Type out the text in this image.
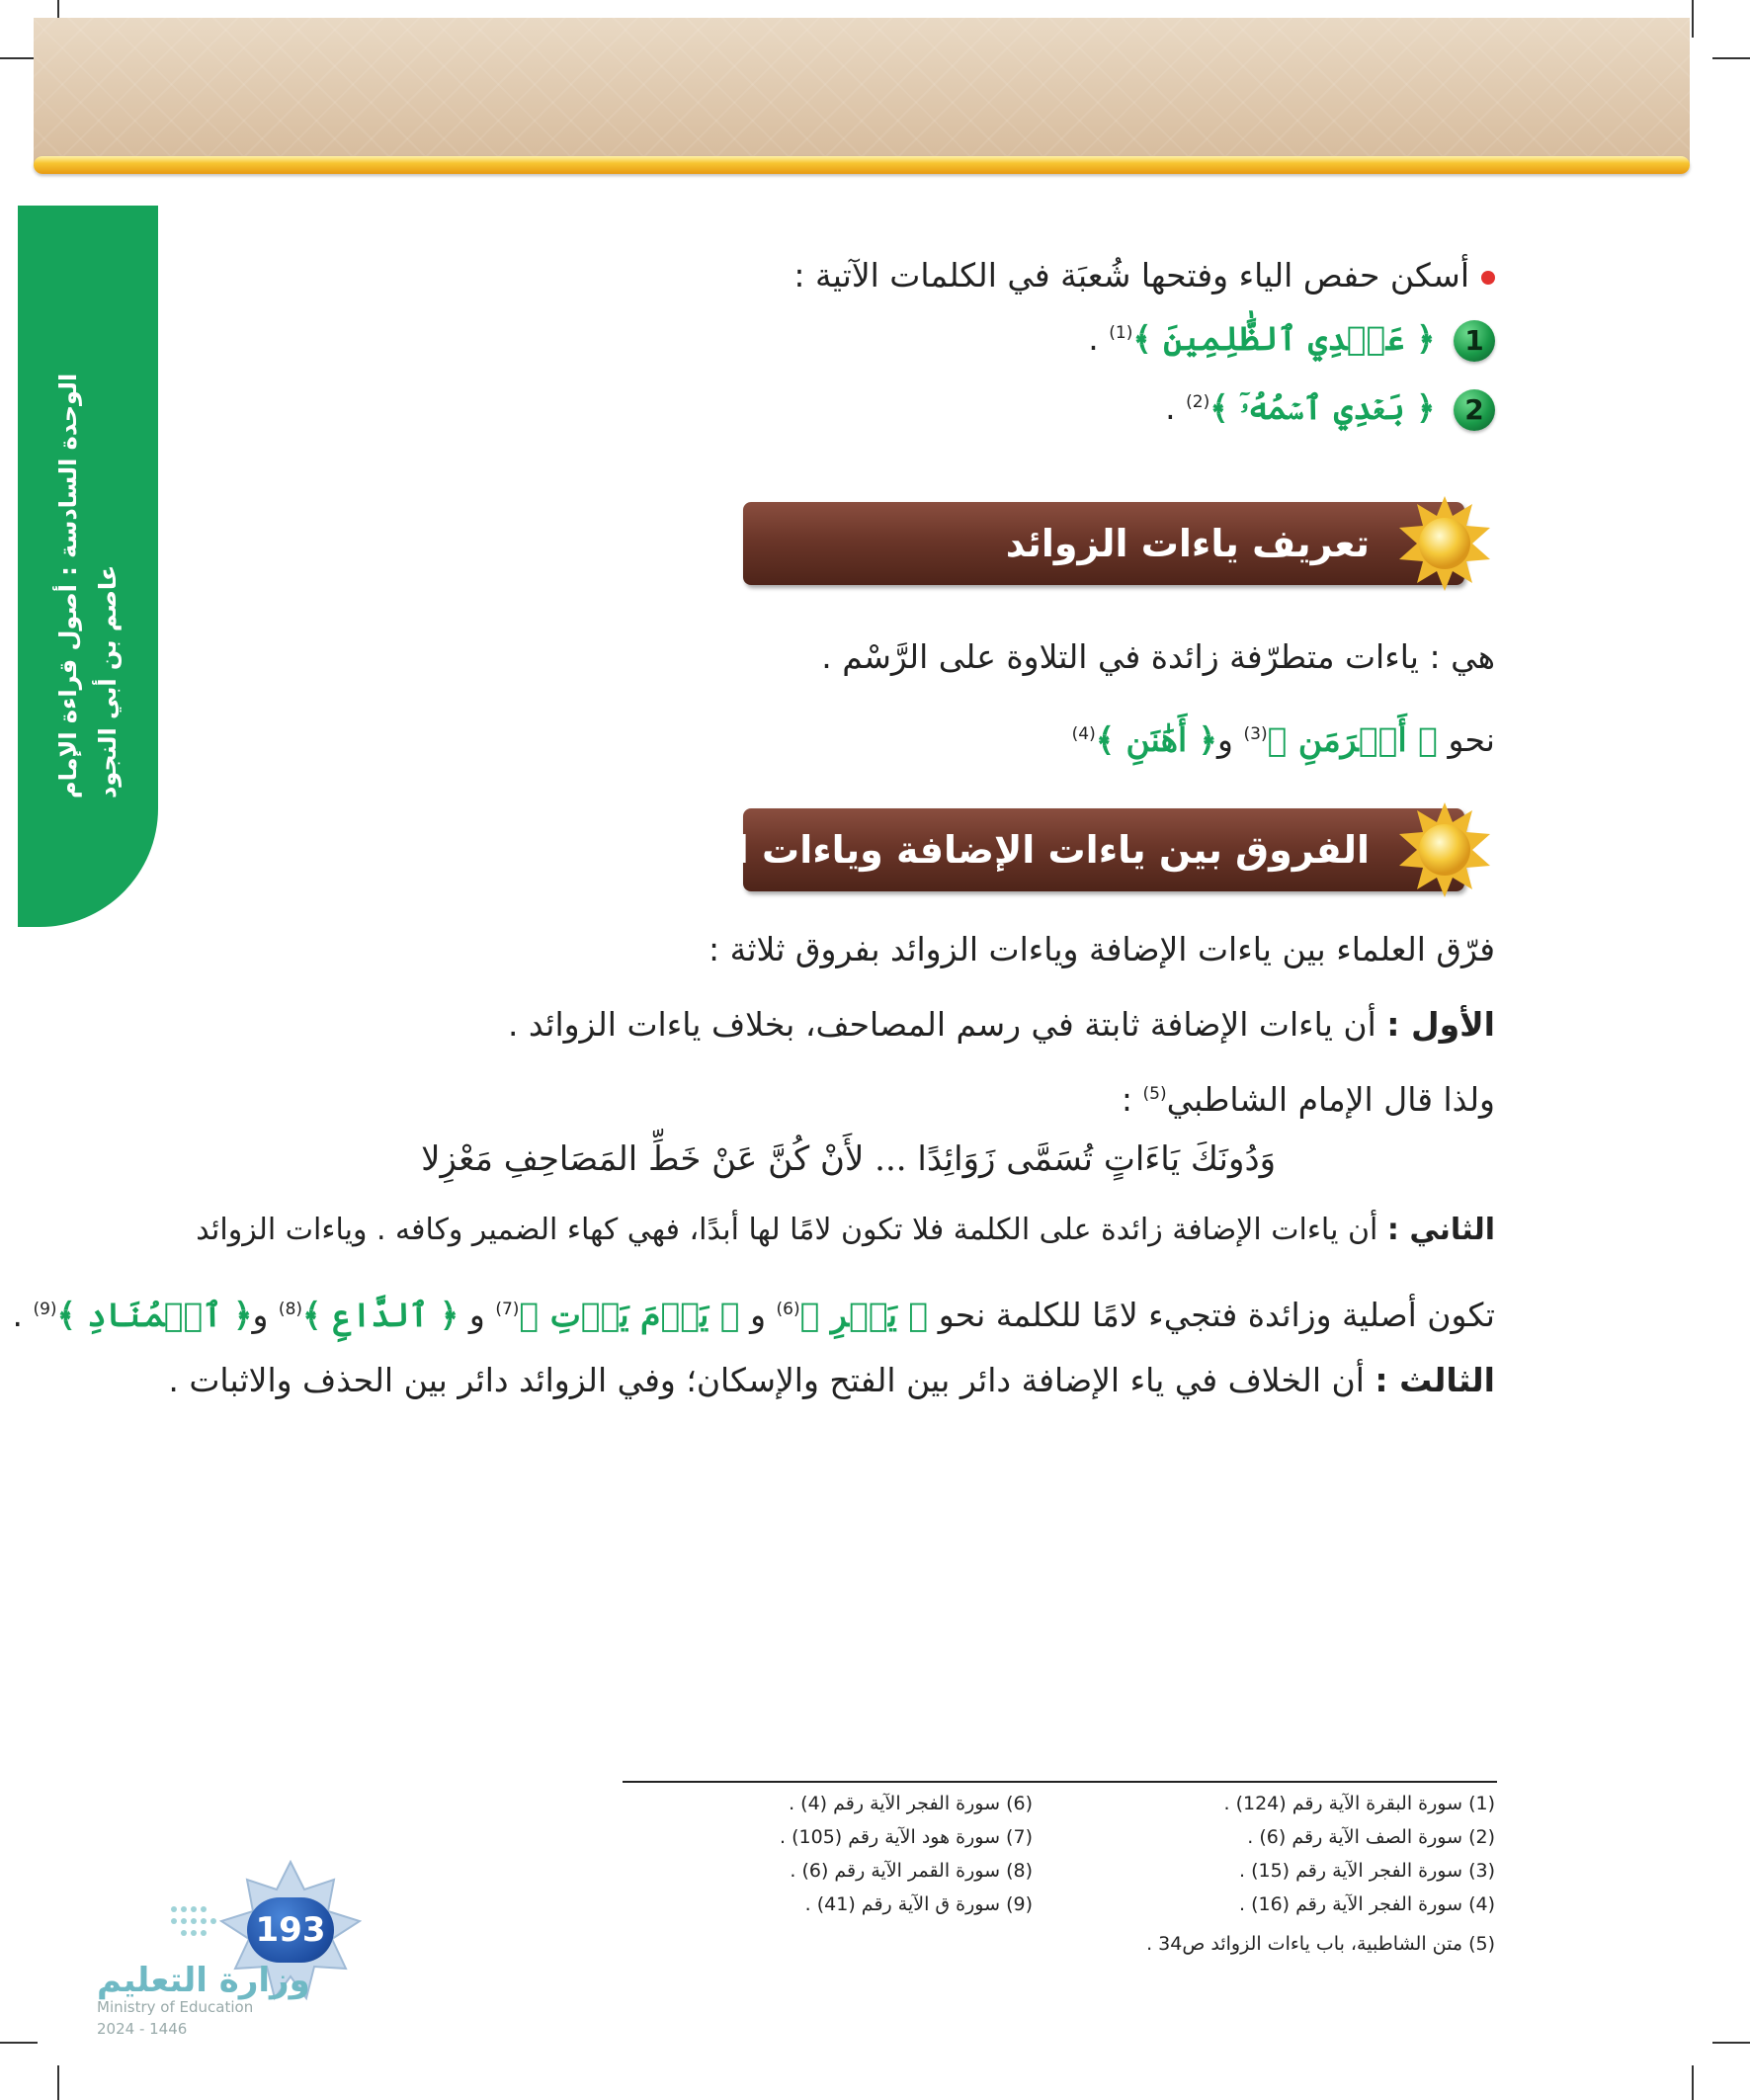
الوحدة السادسة : أصول قراءة الإمام عاصم بن أبي النجود
أسكن حفص الياء وفتحها شُعبَة في الكلمات الآتية :
1 ﴿ عَهۡدِي ٱلظَّٰلِمِينَ ﴾$^{(1)}$ .
2 ﴿ بَعۡدِي ٱسۡمُهُۥٓ ﴾$^{(2)}$ .
تعريف ياءات الزوائد
هي : ياءات متطرّفة زائدة في التلاوة على الرَّسْم .
نحو ﴿ أَكۡرَمَنِ ﴾$^{(3)}$ و﴿ أَهَٰنَنِ ﴾$^{(4)}$
الفروق بين ياءات الإضافة وياءات الزوائد
فرّق العلماء بين ياءات الإضافة وياءات الزوائد بفروق ثلاثة :
الأول : أن ياءات الإضافة ثابتة في رسم المصاحف، بخلاف ياءات الزوائد .
ولذا قال الإمام الشاطبي$^{(5)}$ :
وَدُونَكَ يَاءَاتٍ تُسَمَّى زَوَائِدًا ... لأَنْ كُنَّ عَنْ خَطِّ المَصَاحِفِ مَعْزِلا
الثاني : أن ياءات الإضافة زائدة على الكلمة فلا تكون لامًا لها أبدًا، فهي كهاء الضمير وكافه . وياءات الزوائد
تكون أصلية وزائدة فتجيء لامًا للكلمة نحو ﴿ يَسۡرِ ﴾$^{(6)}$ و ﴿ يَوۡمَ يَأۡتِ ﴾$^{(7)}$ و ﴿ ٱلدَّاعِ ﴾$^{(8)}$ و﴿ ٱلۡمُنَادِ ﴾$^{(9)}$ .
الثالث : أن الخلاف في ياء الإضافة دائر بين الفتح والإسكان؛ وفي الزوائد دائر بين الحذف والاثبات .
(1) سورة البقرة الآية رقم (124) .
(2) سورة الصف الآية رقم (6) .
(3) سورة الفجر الآية رقم (15) .
(4) سورة الفجر الآية رقم (16) .
(6) سورة الفجر الآية رقم (4) .
(7) سورة هود الآية رقم (105) .
(8) سورة القمر الآية رقم (6) .
(9) سورة ق الآية رقم (41) .
(5) متن الشاطبية، باب ياءات الزوائد ص34 .
193
وزارة التعليم
Ministry of Education
2024 - 1446
